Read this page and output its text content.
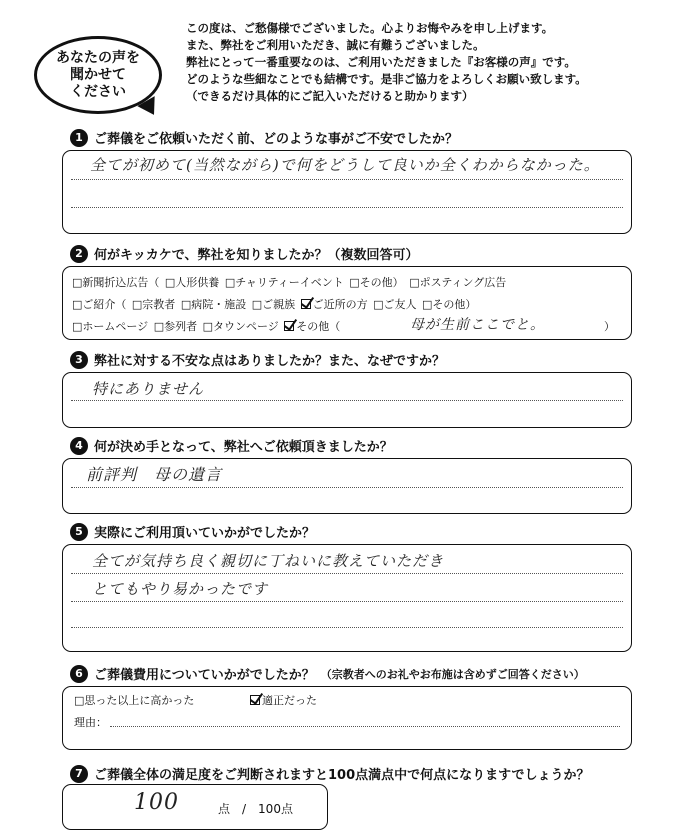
あなたの声を
聞かせて
ください
この度は、ご愁傷様でございました。心よりお悔やみを申し上げます。
また、弊社をご利用いただき、誠に有難うございました。
弊社にとって一番重要なのは、ご利用いただきました『お客様の声』です。
どのような些細なことでも結構です。是非ご協力をよろしくお願い致します。
（できるだけ具体的にご記入いただけると助かります）
1 ご葬儀をご依頼いただく前、どのような事がご不安でしたか？
全てが初めて(当然ながら)で何をどうして良いか全くわからなかった。
2 何がキッカケで、弊社を知りましたか？（複数回答可）
□新聞折込広告（ □人形供養 □チャリティーイベント □その他） □ポスティング広告
□ご紹介（ □宗教者 □病院・施設 □ご親族 ご近所の方 □ご友人 □その他）
□ホームページ □参列者 □タウンページ その他（	母が生前ここでと。	）
3 弊社に対する不安な点はありましたか？また、なぜですか？
特にありません
4 何が決め手となって、弊社へご依頼頂きましたか？
前評判　母の遺言
5 実際にご利用頂いていかがでしたか？
全てが気持ち良く親切に丁ねいに教えていただき
とてもやり易かったです
6 ご葬儀費用についていかがでしたか？ （宗教者へのお礼やお布施は含めずご回答ください）
□思った以上に高かった	適正だった
理由：
7 ご葬儀全体の満足度をご判断されますと100点満点中で何点になりますでしょうか？
100	点　/　100点
